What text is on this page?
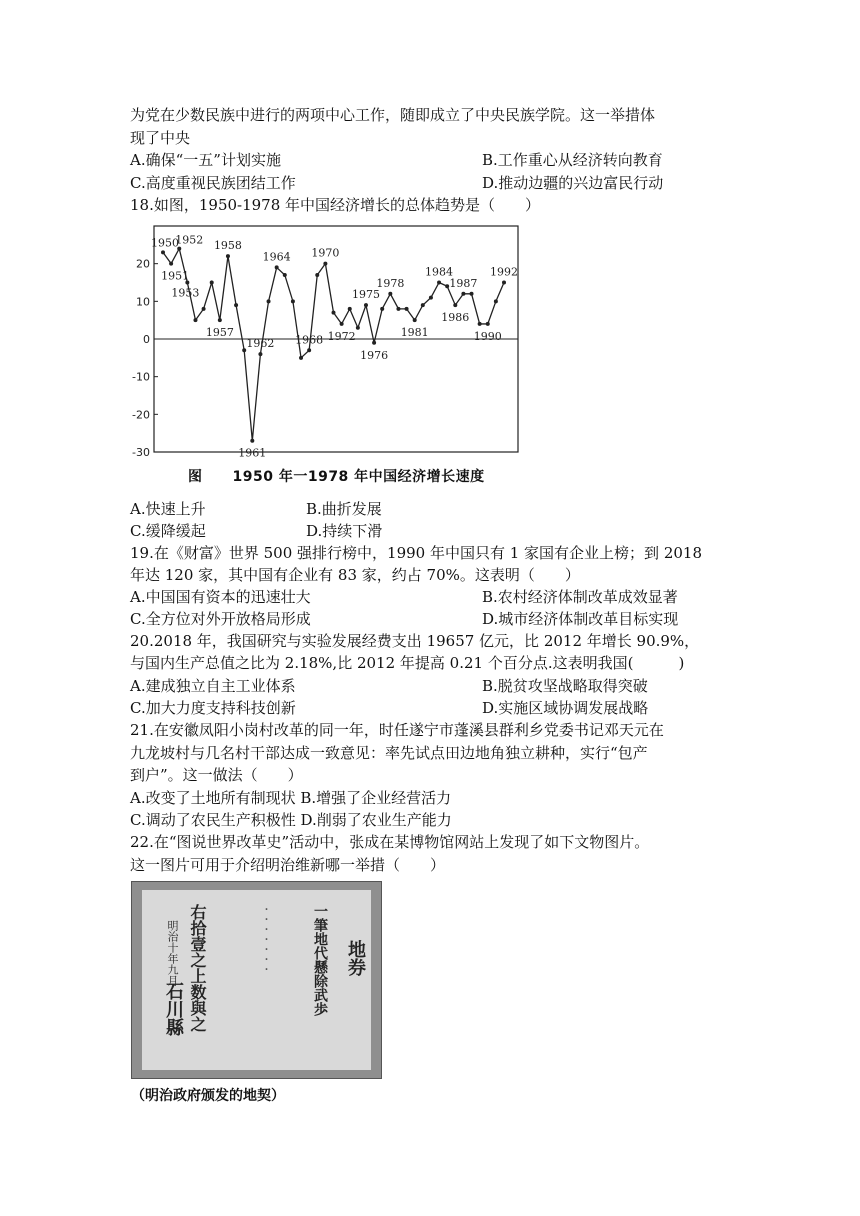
为党在少数民族中进行的两项中心工作，随即成立了中央民族学院。这一举措体
现了中央
A.确保“一五”计划实施	B.工作重心从经济转向教育
C.高度重视民族团结工作	D.推动边疆的兴边富民行动
18.如图，1950-1978 年中国经济增长的总体趋势是（　　）
20
10
0
-10
-20
-30
1950
1951
1952
1953
1957
1958
1961
1962
1964
1968
1970
1972
1975
1976
1978
1981
1984
1986
1987
1990
1992
图 1950 年一1978 年中国经济增长速度
A.快速上升	B.曲折发展
C.缓降缓起	D.持续下滑
19.在《财富》世界 500 强排行榜中，1990 年中国只有 1 家国有企业上榜；到 2018
年达 120 家，其中国有企业有 83 家，约占 70%。这表明（　　）
A.中国国有资本的迅速壮大	B.农村经济体制改革成效显著
C.全方位对外开放格局形成	D.城市经济体制改革目标实现
20.2018 年，我国研究与实验发展经费支出 19657 亿元，比 2012 年增长 90.9%，
与国内生产总值之比为 2.18%,比 2012 年提高 0.21 个百分点.这表明我国(　　　)
A.建成独立自主工业体系	B.脱贫攻坚战略取得突破
C.加大力度支持科技创新	D.实施区域协调发展战略
21.在安徽凤阳小岗村改革的同一年，时任遂宁市蓬溪县群利乡党委书记邓天元在
九龙坡村与几名村干部达成一致意见：率先试点田边地角独立耕种，实行“包产
到户”。这一做法（　　）
A.改变了土地所有制现状 B.增强了企业经营活力
C.调动了农民生产积极性 D.削弱了农业生产能力
22.在“图说世界改革史”活动中，张成在某博物馆网站上发现了如下文物图片。
这一图片可用于介绍明治维新哪一举措（　　）
明治十年九月 右拾壹之上数與之
石川縣
・・・・・・・	一筆地代懸除武歩 地券
（明治政府颁发的地契）
